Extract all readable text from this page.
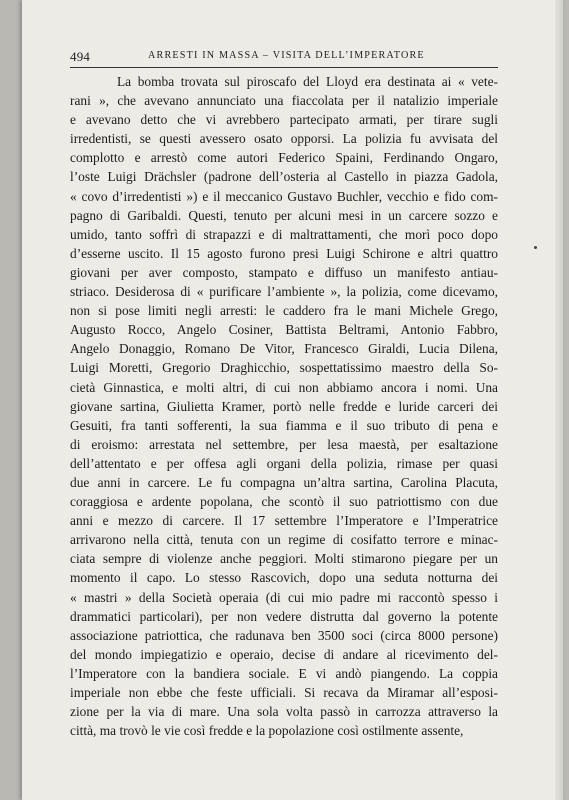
494	ARRESTI IN MASSA – VISITA DELL’IMPERATORE
La bomba trovata sul piroscafo del Lloyd era destinata ai « vete-
rani », che avevano annunciato una fiaccolata per il natalizio imperiale
e avevano detto che vi avrebbero partecipato armati, per tirare sugli
irredentisti, se questi avessero osato opporsi. La polizia fu avvisata del
complotto e arrestò come autori Federico Spaini, Ferdinando Ongaro,
l’oste Luigi Drächsler (padrone dell’osteria al Castello in piazza Gadola,
« covo d’irredentisti ») e il meccanico Gustavo Buchler, vecchio e fido com-
pagno di Garibaldi. Questi, tenuto per alcuni mesi in un carcere sozzo e
umido, tanto soffrì di strapazzi e di maltrattamenti, che morì poco dopo
d’esserne uscito. Il 15 agosto furono presi Luigi Schirone e altri quattro
giovani per aver composto, stampato e diffuso un manifesto antiau-
striaco. Desiderosa di « purificare l’ambiente », la polizia, come dicevamo,
non si pose limiti negli arresti: le caddero fra le mani Michele Grego,
Augusto Rocco, Angelo Cosiner, Battista Beltrami, Antonio Fabbro,
Angelo Donaggio, Romano De Vitor, Francesco Giraldi, Lucia Dilena,
Luigi Moretti, Gregorio Draghicchio, sospettatissimo maestro della So-
cietà Ginnastica, e molti altri, di cui non abbiamo ancora i nomi. Una
giovane sartina, Giulietta Kramer, portò nelle fredde e luride carceri dei
Gesuiti, fra tanti sofferenti, la sua fiamma e il suo tributo di pena e
di eroismo: arrestata nel settembre, per lesa maestà, per esaltazione
dell’attentato e per offesa agli organi della polizia, rimase per quasi
due anni in carcere. Le fu compagna un’altra sartina, Carolina Placuta,
coraggiosa e ardente popolana, che scontò il suo patriottismo con due
anni e mezzo di carcere. Il 17 settembre l’Imperatore e l’Imperatrice
arrivarono nella città, tenuta con un regime di cosifatto terrore e minac-
ciata sempre di violenze anche peggiori. Molti stimarono piegare per un
momento il capo. Lo stesso Rascovich, dopo una seduta notturna dei
« mastri » della Società operaia (di cui mio padre mi raccontò spesso i
drammatici particolari), per non vedere distrutta dal governo la potente
associazione patriottica, che radunava ben 3500 soci (circa 8000 persone)
del mondo impiegatizio e operaio, decise di andare al ricevimento del-
l’Imperatore con la bandiera sociale. E vi andò piangendo. La coppia
imperiale non ebbe che feste ufficiali. Si recava da Miramar all’esposi-
zione per la via di mare. Una sola volta passò in carrozza attraverso la
città, ma trovò le vie così fredde e la popolazione così ostilmente assente,
